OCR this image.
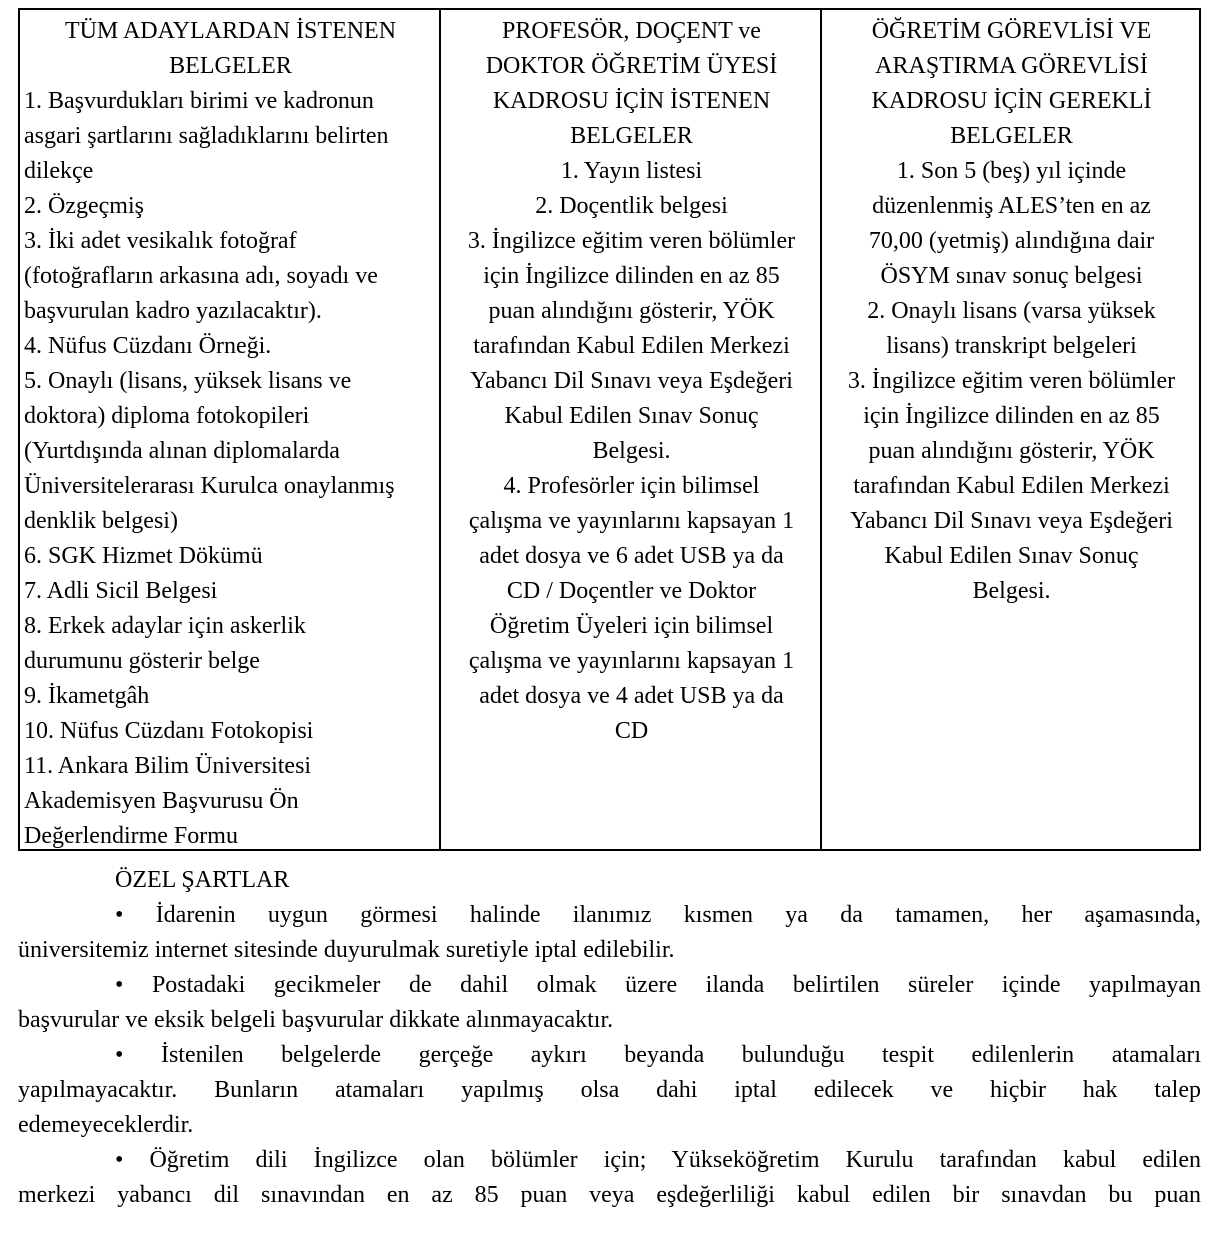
TÜM ADAYLARDAN İSTENEN
BELGELER
1. Başvurdukları birimi ve kadronun
asgari şartlarını sağladıklarını belirten
dilekçe
2. Özgeçmiş
3. İki adet vesikalık fotoğraf
(fotoğrafların arkasına adı, soyadı ve
başvurulan kadro yazılacaktır).
4. Nüfus Cüzdanı Örneği.
5. Onaylı (lisans, yüksek lisans ve
doktora) diploma fotokopileri
(Yurtdışında alınan diplomalarda
Üniversitelerarası Kurulca onaylanmış
denklik belgesi)
6. SGK Hizmet Dökümü
7. Adli Sicil Belgesi
8. Erkek adaylar için askerlik
durumunu gösterir belge
9. İkametgâh
10. Nüfus Cüzdanı Fotokopisi
11. Ankara Bilim Üniversitesi
Akademisyen Başvurusu Ön
Değerlendirme Formu
PROFESÖR, DOÇENT ve
DOKTOR ÖĞRETİM ÜYESİ
KADROSU İÇİN İSTENEN
BELGELER
1. Yayın listesi
2. Doçentlik belgesi
3. İngilizce eğitim veren bölümler
için İngilizce dilinden en az 85
puan alındığını gösterir, YÖK
tarafından Kabul Edilen Merkezi
Yabancı Dil Sınavı veya Eşdeğeri
Kabul Edilen Sınav Sonuç
Belgesi.
4. Profesörler için bilimsel
çalışma ve yayınlarını kapsayan 1
adet dosya ve 6 adet USB ya da
CD / Doçentler ve Doktor
Öğretim Üyeleri için bilimsel
çalışma ve yayınlarını kapsayan 1
adet dosya ve 4 adet USB ya da
CD
ÖĞRETİM GÖREVLİSİ VE
ARAŞTIRMA GÖREVLİSİ
KADROSU İÇİN GEREKLİ
BELGELER
1. Son 5 (beş) yıl içinde
düzenlenmiş ALES’ten en az
70,00 (yetmiş) alındığına dair
ÖSYM sınav sonuç belgesi
2. Onaylı lisans (varsa yüksek
lisans) transkript belgeleri
3. İngilizce eğitim veren bölümler
için İngilizce dilinden en az 85
puan alındığını gösterir, YÖK
tarafından Kabul Edilen Merkezi
Yabancı Dil Sınavı veya Eşdeğeri
Kabul Edilen Sınav Sonuç
Belgesi.
ÖZEL ŞARTLAR
• İdarenin uygun görmesi halinde ilanımız kısmen ya da tamamen, her aşamasında,
üniversitemiz internet sitesinde duyurulmak suretiyle iptal edilebilir.
• Postadaki gecikmeler de dahil olmak üzere ilanda belirtilen süreler içinde yapılmayan
başvurular ve eksik belgeli başvurular dikkate alınmayacaktır.
• İstenilen belgelerde gerçeğe aykırı beyanda bulunduğu tespit edilenlerin atamaları
yapılmayacaktır. Bunların atamaları yapılmış olsa dahi iptal edilecek ve hiçbir hak talep
edemeyeceklerdir.
• Öğretim dili İngilizce olan bölümler için; Yükseköğretim Kurulu tarafından kabul edilen
merkezi yabancı dil sınavından en az 85 puan veya eşdeğerliliği kabul edilen bir sınavdan bu puan
